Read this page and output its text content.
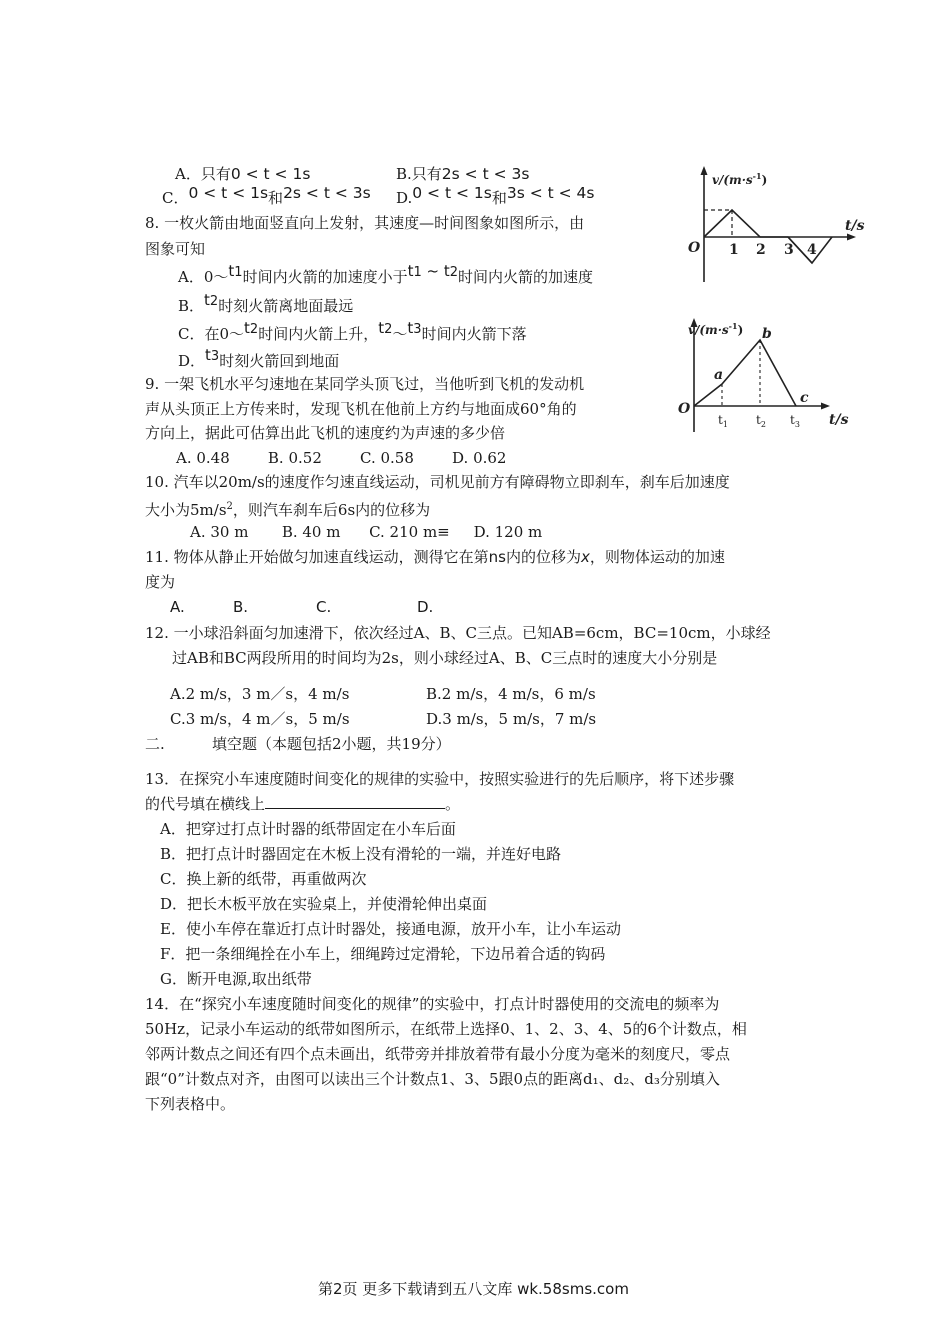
A．只有0 < t < 1s	B.只有2s < t < 3s
C．0 < t < 1s和2s < t < 3s D.0 < t < 1s和3s < t < 4s
8. 一枚火箭由地面竖直向上发射，其速度—时间图象如图所示，由
图象可知
A．0～t1时间内火箭的加速度小于t1 ~ t2时间内火箭的加速度
B．t2时刻火箭离地面最远
C．在0～t2时间内火箭上升，t2～t3时间内火箭下落
D．t3时刻火箭回到地面
9. 一架飞机水平匀速地在某同学头顶飞过，当他听到飞机的发动机
声从头顶正上方传来时，发现飞机在他前上方约与地面成60°角的
方向上，据此可估算出此飞机的速度约为声速的多少倍
A. 0.48        B. 0.52        C. 0.58        D. 0.62
10. 汽车以20m/s的速度作匀速直线运动，司机见前方有障碍物立即刹车，刹车后加速度
大小为$5m/s^2$，则汽车刹车后6s内的位移为
A. 30 m       B. 40 m      C. 210 m≡     D. 120 m
11. 物体从静止开始做匀加速直线运动，测得它在第ns内的位移为x，则物体运动的加速
度为
A.	B.	C.	D.
12. 一小球沿斜面匀加速滑下，依次经过A、B、C三点。已知AB=6cm，BC=10cm，小球经
过AB和BC两段所用的时间均为2s，则小球经过A、B、C三点时的速度大小分别是
A.2 m/s，3 m／s，4 m/s	B.2 m/s，4 m/s，6 m/s
C.3 m/s，4 m／s，5 m/s	D.3 m/s，5 m/s，7 m/s
二.	填空题（本题包括2小题，共19分）
13．在探究小车速度随时间变化的规律的实验中，按照实验进行的先后顺序，将下述步骤
的代号填在横线上	。
A．把穿过打点计时器的纸带固定在小车后面
B．把打点计时器固定在木板上没有滑轮的一端，并连好电路
C．换上新的纸带，再重做两次
D．把长木板平放在实验桌上，并使滑轮伸出桌面
E．使小车停在靠近打点计时器处，接通电源，放开小车，让小车运动
F．把一条细绳拴在小车上，细绳跨过定滑轮，下边吊着合适的钩码
G．断开电源,取出纸带
14．在“探究小车速度随时间变化的规律”的实验中，打点计时器使用的交流电的频率为
50Hz，记录小车运动的纸带如图所示，在纸带上选择0、1、2、3、4、5的6个计数点，相
邻两计数点之间还有四个点未画出，纸带旁并排放着带有最小分度为毫米的刻度尺，零点
跟“0”计数点对齐，由图可以读出三个计数点1、3、5跟0点的距离d₁、d₂、d₃分别填入
下列表格中。
$v/(m\cdot s^{-1})$
t/s
O 1 2 3 4
$v/(m\cdot s^{-1})$
t/s
O
a
b
c
$t_1$ $t_2$ $t_3$
第2页 更多下载请到五八文库 wk.58sms.com
